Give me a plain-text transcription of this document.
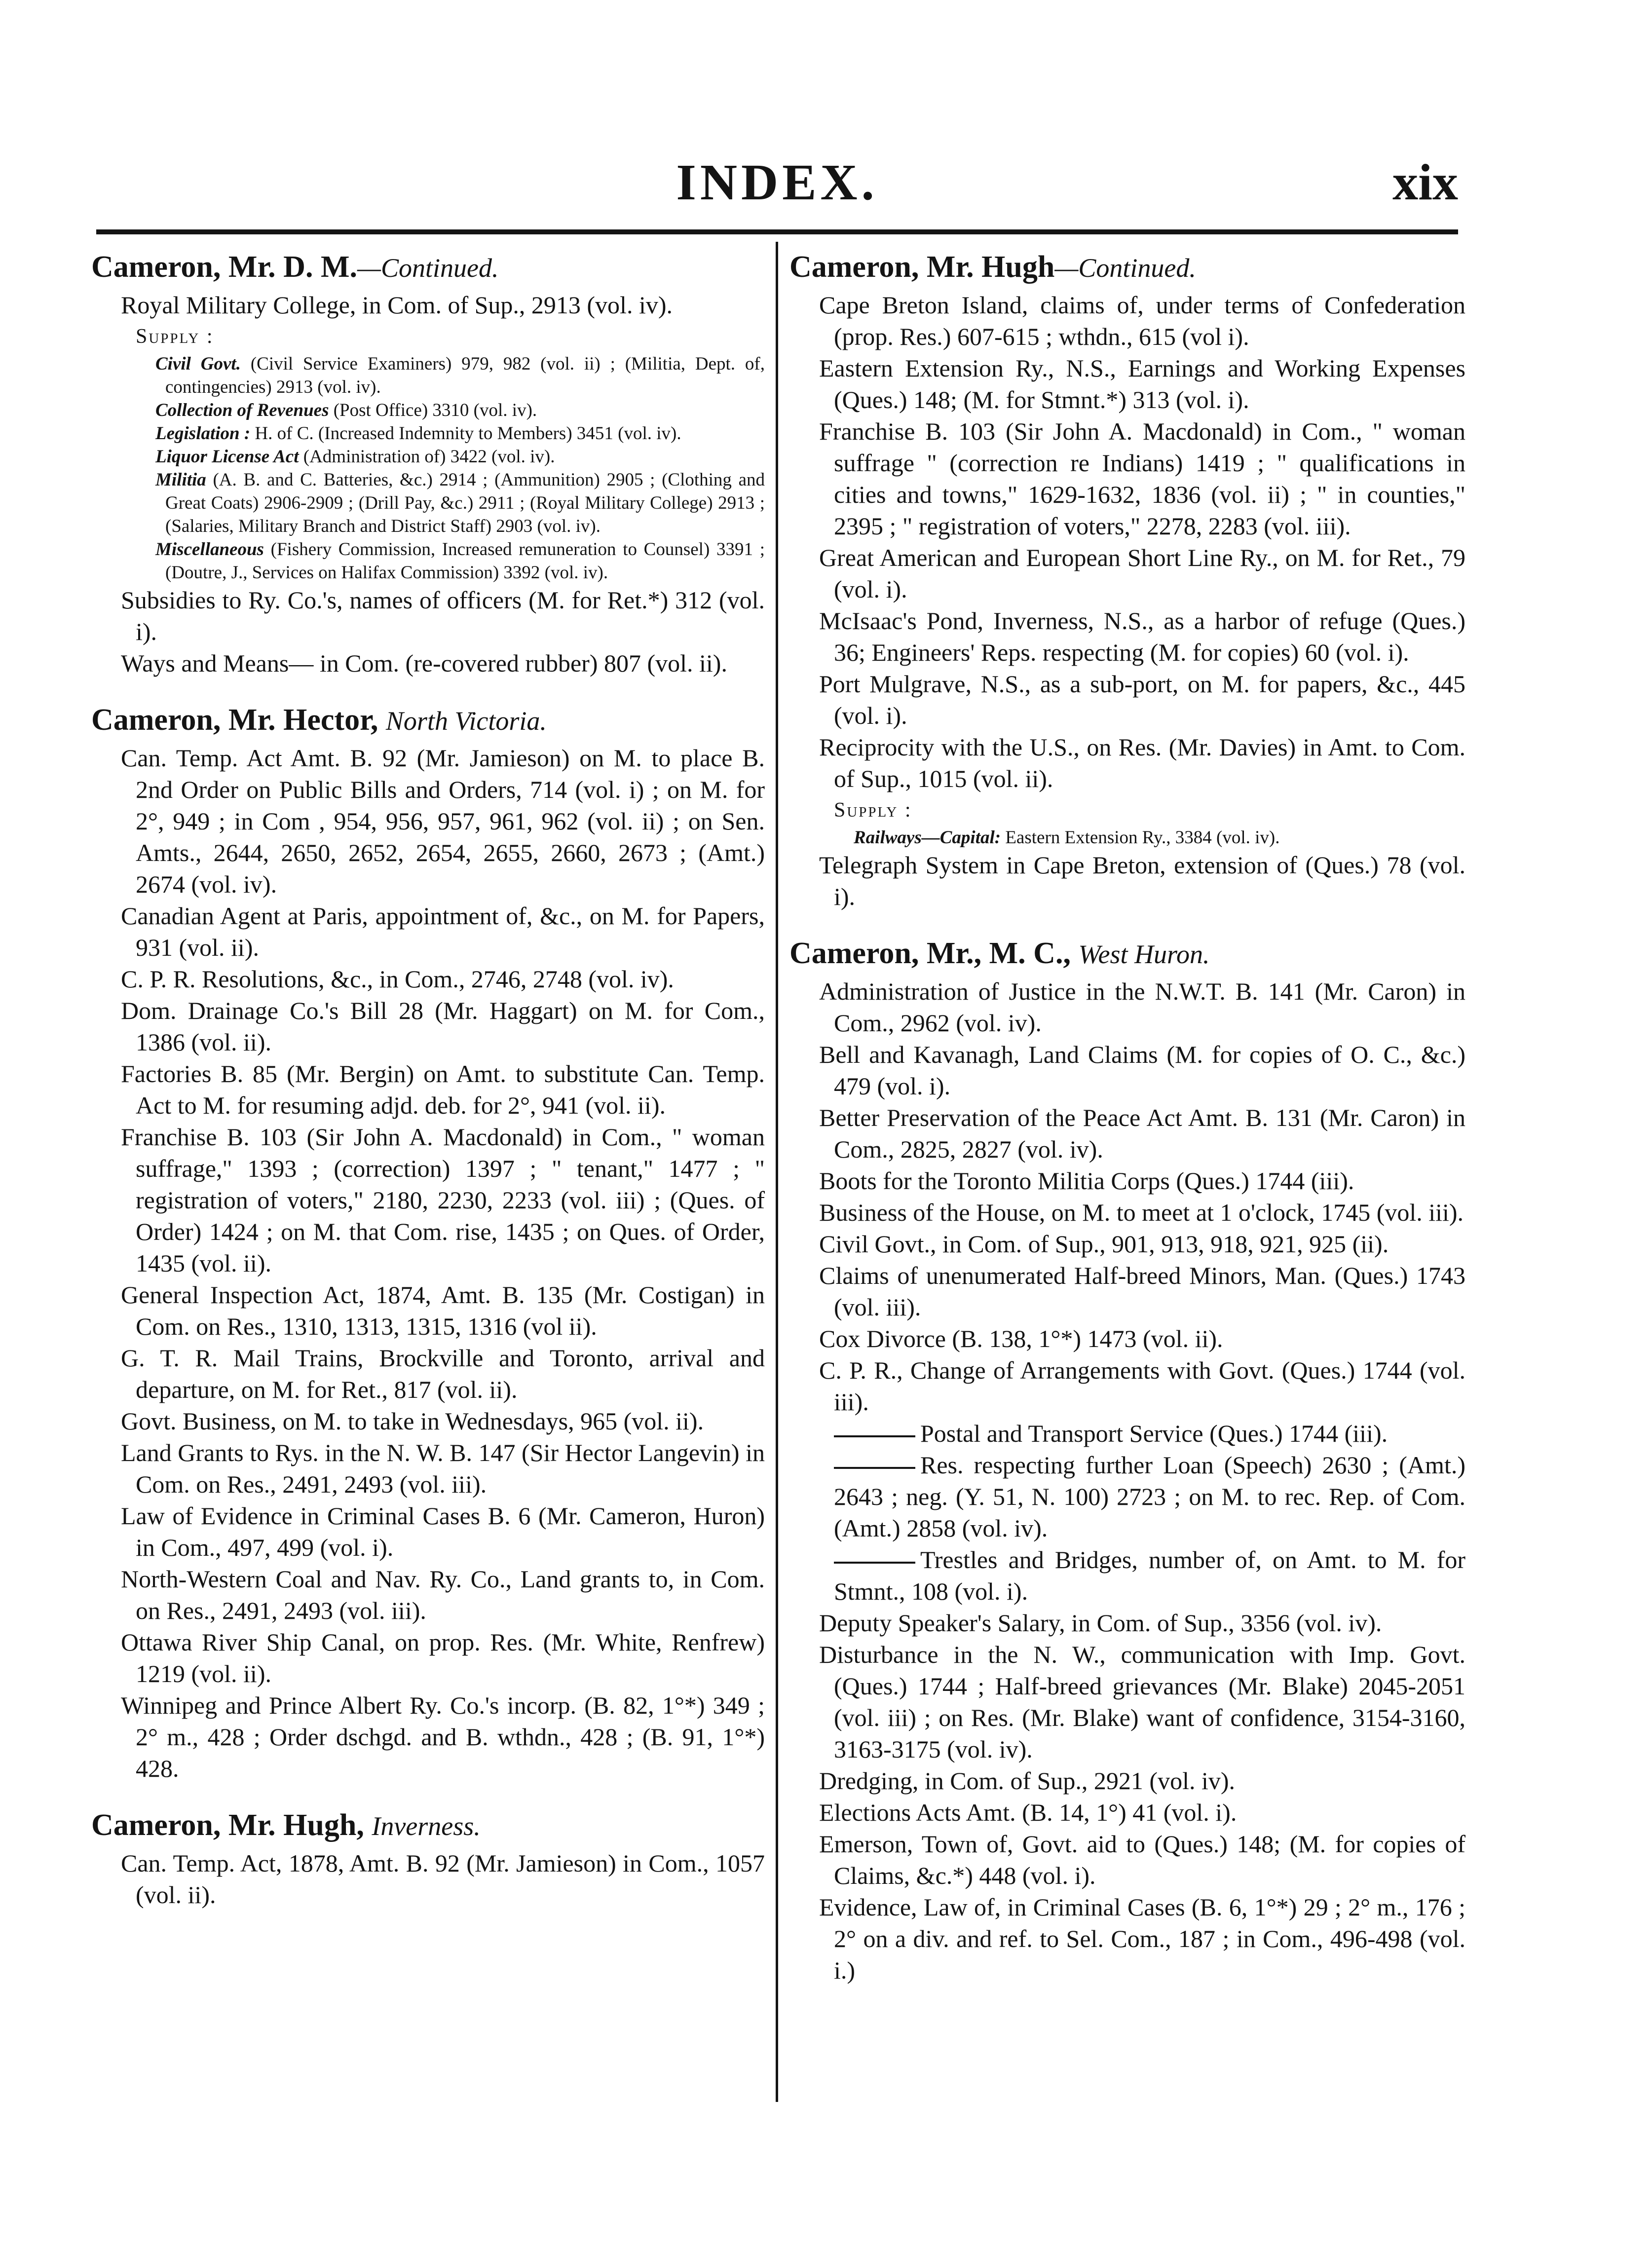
INDEX.	xix
Cameron, Mr. D. M.—Continued.
Royal Military College, in Com. of Sup., 2913 (vol. iv).
Supply :
Civil Govt. (Civil Service Examiners) 979, 982 (vol. ii) ; (Militia, Dept. of, contingencies) 2913 (vol. iv).
Collection of Revenues (Post Office) 3310 (vol. iv).
Legislation : H. of C. (Increased Indemnity to Members) 3451 (vol. iv).
Liquor License Act (Administration of) 3422 (vol. iv).
Militia (A. B. and C. Batteries, &c.) 2914 ; (Ammunition) 2905 ; (Clothing and Great Coats) 2906-2909 ; (Drill Pay, &c.) 2911 ; (Royal Military College) 2913 ; (Salaries, Military Branch and District Staff) 2903 (vol. iv).
Miscellaneous (Fishery Commission, Increased remuneration to Counsel) 3391 ; (Doutre, J., Services on Halifax Commission) 3392 (vol. iv).
Subsidies to Ry. Co.'s, names of officers (M. for Ret.*) 312 (vol. i).
Ways and Means— in Com. (re-covered rubber) 807 (vol. ii).
Cameron, Mr. Hector, North Victoria.
Can. Temp. Act Amt. B. 92 (Mr. Jamieson) on M. to place B. 2nd Order on Public Bills and Orders, 714 (vol. i) ; on M. for 2°, 949 ; in Com , 954, 956, 957, 961, 962 (vol. ii) ; on Sen. Amts., 2644, 2650, 2652, 2654, 2655, 2660, 2673 ; (Amt.) 2674 (vol. iv).
Canadian Agent at Paris, appointment of, &c., on M. for Papers, 931 (vol. ii).
C. P. R. Resolutions, &c., in Com., 2746, 2748 (vol. iv).
Dom. Drainage Co.'s Bill 28 (Mr. Haggart) on M. for Com., 1386 (vol. ii).
Factories B. 85 (Mr. Bergin) on Amt. to substitute Can. Temp. Act to M. for resuming adjd. deb. for 2°, 941 (vol. ii).
Franchise B. 103 (Sir John A. Macdonald) in Com., " woman suffrage," 1393 ; (correction) 1397 ; " tenant," 1477 ; " registration of voters," 2180, 2230, 2233 (vol. iii) ; (Ques. of Order) 1424 ; on M. that Com. rise, 1435 ; on Ques. of Order, 1435 (vol. ii).
General Inspection Act, 1874, Amt. B. 135 (Mr. Costigan) in Com. on Res., 1310, 1313, 1315, 1316 (vol ii).
G. T. R. Mail Trains, Brockville and Toronto, arrival and departure, on M. for Ret., 817 (vol. ii).
Govt. Business, on M. to take in Wednesdays, 965 (vol. ii).
Land Grants to Rys. in the N. W. B. 147 (Sir Hector Langevin) in Com. on Res., 2491, 2493 (vol. iii).
Law of Evidence in Criminal Cases B. 6 (Mr. Cameron, Huron) in Com., 497, 499 (vol. i).
North-Western Coal and Nav. Ry. Co., Land grants to, in Com. on Res., 2491, 2493 (vol. iii).
Ottawa River Ship Canal, on prop. Res. (Mr. White, Renfrew) 1219 (vol. ii).
Winnipeg and Prince Albert Ry. Co.'s incorp. (B. 82, 1°*) 349 ; 2° m., 428 ; Order dschgd. and B. wthdn., 428 ; (B. 91, 1°*) 428.
Cameron, Mr. Hugh, Inverness.
Can. Temp. Act, 1878, Amt. B. 92 (Mr. Jamieson) in Com., 1057 (vol. ii).
Cameron, Mr. Hugh—Continued.
Cape Breton Island, claims of, under terms of Confederation (prop. Res.) 607-615 ; wthdn., 615 (vol i).
Eastern Extension Ry., N.S., Earnings and Working Expenses (Ques.) 148; (M. for Stmnt.*) 313 (vol. i).
Franchise B. 103 (Sir John A. Macdonald) in Com., " woman suffrage " (correction re Indians) 1419 ; " qualifications in cities and towns," 1629-1632, 1836 (vol. ii) ; " in counties," 2395 ; " registration of voters," 2278, 2283 (vol. iii).
Great American and European Short Line Ry., on M. for Ret., 79 (vol. i).
McIsaac's Pond, Inverness, N.S., as a harbor of refuge (Ques.) 36; Engineers' Reps. respecting (M. for copies) 60 (vol. i).
Port Mulgrave, N.S., as a sub-port, on M. for papers, &c., 445 (vol. i).
Reciprocity with the U.S., on Res. (Mr. Davies) in Amt. to Com. of Sup., 1015 (vol. ii).
Supply :
Railways—Capital: Eastern Extension Ry., 3384 (vol. iv).
Telegraph System in Cape Breton, extension of (Ques.) 78 (vol. i).
Cameron, Mr., M. C., West Huron.
Administration of Justice in the N.W.T. B. 141 (Mr. Caron) in Com., 2962 (vol. iv).
Bell and Kavanagh, Land Claims (M. for copies of O. C., &c.) 479 (vol. i).
Better Preservation of the Peace Act Amt. B. 131 (Mr. Caron) in Com., 2825, 2827 (vol. iv).
Boots for the Toronto Militia Corps (Ques.) 1744 (iii).
Business of the House, on M. to meet at 1 o'clock, 1745 (vol. iii).
Civil Govt., in Com. of Sup., 901, 913, 918, 921, 925 (ii).
Claims of unenumerated Half-breed Minors, Man. (Ques.) 1743 (vol. iii).
Cox Divorce (B. 138, 1°*) 1473 (vol. ii).
C. P. R., Change of Arrangements with Govt. (Ques.) 1744 (vol. iii).
Postal and Transport Service (Ques.) 1744 (iii).
Res. respecting further Loan (Speech) 2630 ; (Amt.) 2643 ; neg. (Y. 51, N. 100) 2723 ; on M. to rec. Rep. of Com. (Amt.) 2858 (vol. iv).
Trestles and Bridges, number of, on Amt. to M. for Stmnt., 108 (vol. i).
Deputy Speaker's Salary, in Com. of Sup., 3356 (vol. iv).
Disturbance in the N. W., communication with Imp. Govt. (Ques.) 1744 ; Half-breed grievances (Mr. Blake) 2045-2051 (vol. iii) ; on Res. (Mr. Blake) want of confidence, 3154-3160, 3163-3175 (vol. iv).
Dredging, in Com. of Sup., 2921 (vol. iv).
Elections Acts Amt. (B. 14, 1°) 41 (vol. i).
Emerson, Town of, Govt. aid to (Ques.) 148; (M. for copies of Claims, &c.*) 448 (vol. i).
Evidence, Law of, in Criminal Cases (B. 6, 1°*) 29 ; 2° m., 176 ; 2° on a div. and ref. to Sel. Com., 187 ; in Com., 496-498 (vol. i.)
